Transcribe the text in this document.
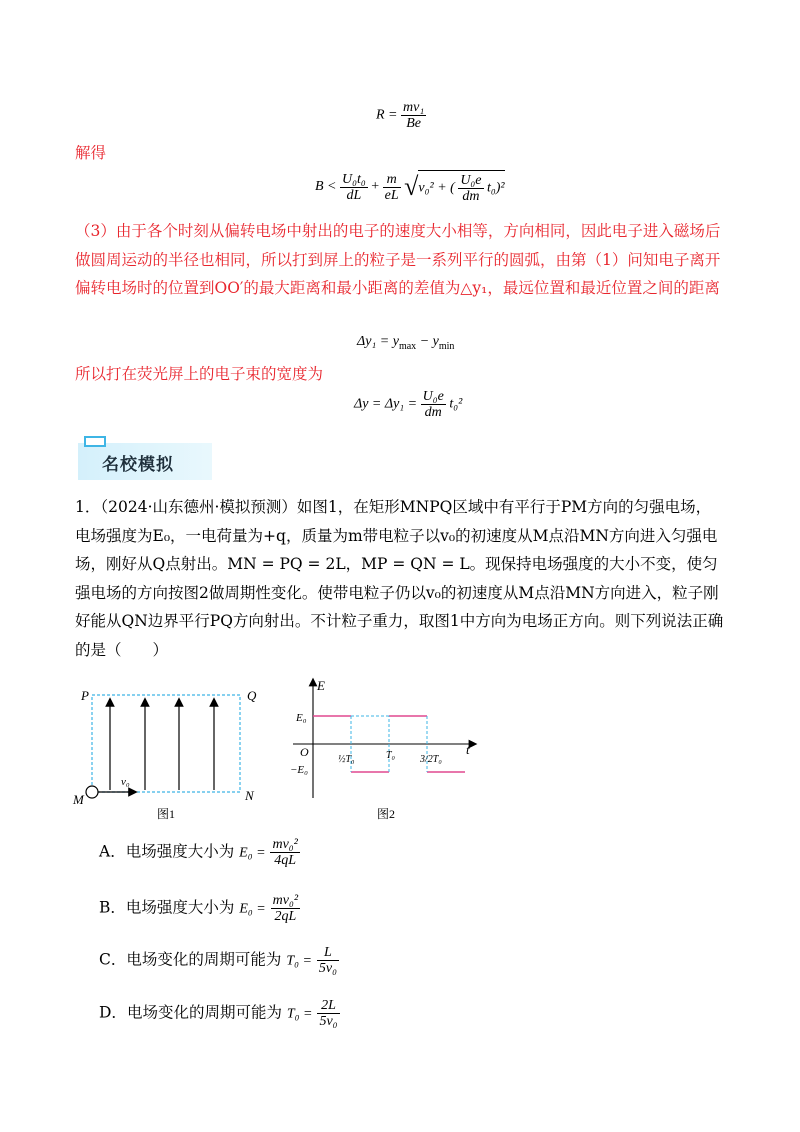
$R = \frac{\text{mv₁}}{Be}$
解得
$B < \frac{\text{U₀t₀}}{dL} + \frac{m}{eL} √v_0^2$ + ( $\frac{\text{U₀e}}{dm} t_0)^2$
（3）由于各个时刻从偏转电场中射出的电子的速度大小相等，方向相同，因此电子进入磁场后做圆周运动的半径也相同，所以打到屏上的粒子是一系列平行的圆弧，由第（1）问知电子离开偏转电场时的位置到OO′的最大距离和最小距离的差值为△y₁，最远位置和最近位置之间的距离
$\Delta y_1 = y_{max} - y_{min}$
所以打在荧光屏上的电子束的宽度为
$\Delta y = \Delta y_1 = \frac{\text{U₀e}}{dm} t_0^2$
名校模拟
1．（2024·山东德州·模拟预测）如图1，在矩形MNPQ区域中有平行于PM方向的匀强电场，电场强度为E₀，一电荷量为+q，质量为m带电粒子以v₀的初速度从M点沿MN方向进入匀强电场，刚好从Q点射出。MN = PQ = 2L，MP = QN = L。现保持电场强度的大小不变，使匀强电场的方向按图2做周期性变化。使带电粒子仍以v₀的初速度从M点沿MN方向进入，粒子刚好能从QN边界平行PQ方向射出。不计粒子重力，取图1中方向为电场正方向。则下列说法正确的是（　　）
P	Q
M	N
v₀
图1
E
t
O
E₀
−E₀
½T₀	T₀ 3/2T₀
图2
A．电场强度大小为 $E_0 = \frac{\text{mv₀²}}{4qL}$
B．电场强度大小为 $E_0 = \frac{\text{mv₀²}}{2qL}$
C．电场变化的周期可能为 $T_0 = \frac{L}{\text{5v₀}}$
D．电场变化的周期可能为 $T_0 = \frac{2L}{\text{5v₀}}$
